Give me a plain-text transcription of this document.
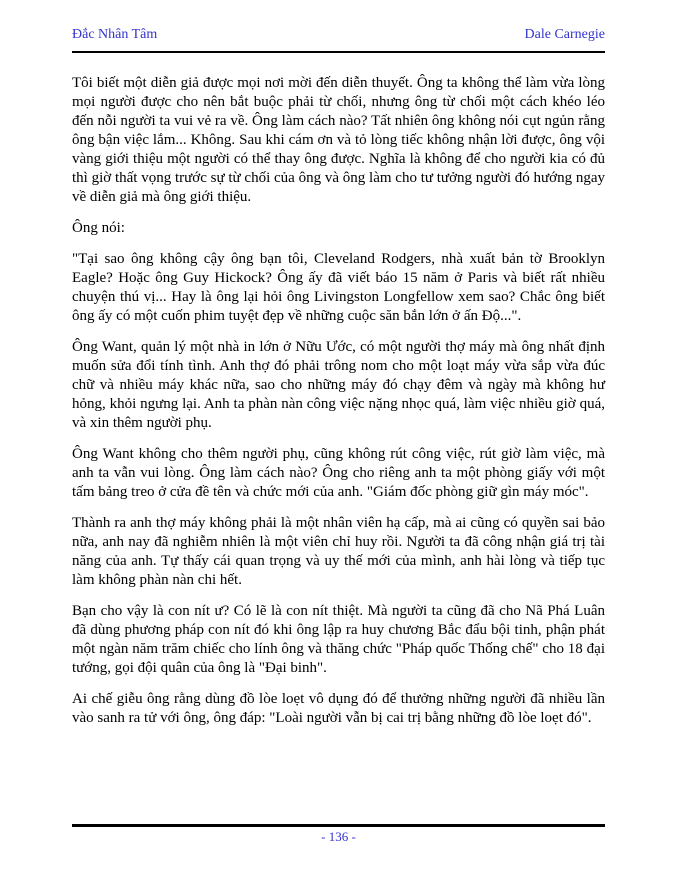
Đắc Nhân Tâm	Dale Carnegie

Tôi biết một diễn giả được mọi nơi mời đến diễn thuyết. Ông ta không thể làm vừa lòng mọi người được cho nên bắt buộc phải từ chối, nhưng ông từ chối một cách khéo léo đến nỗi người ta vui vẻ ra về. Ông làm cách nào? Tất nhiên ông không nói cụt ngủn rằng ông bận việc lắm... Không. Sau khi cám ơn và tỏ lòng tiếc không nhận lời được, ông vội vàng giới thiệu một người có thể thay ông được. Nghĩa là không để cho người kia có đủ thì giờ thất vọng trước sự từ chối của ông và ông làm cho tư tưởng người đó hướng ngay về diễn giả mà ông giới thiệu.

Ông nói:

"Tại sao ông không cậy ông bạn tôi, Cleveland Rodgers, nhà xuất bản tờ Brooklyn Eagle? Hoặc ông Guy Hickock? Ông ấy đã viết báo 15 năm ở Paris và biết rất nhiều chuyện thú vị... Hay là ông lại hỏi ông Livingston Longfellow xem sao? Chắc ông biết ông ấy có một cuốn phim tuyệt đẹp về những cuộc săn bắn lớn ở ấn Độ...".

Ông Want, quản lý một nhà in lớn ở Nữu Ước, có một người thợ máy mà ông nhất định muốn sửa đổi tính tình. Anh thợ đó phải trông nom cho một loạt máy vừa sắp vừa đúc chữ và nhiều máy khác nữa, sao cho những máy đó chạy đêm và ngày mà không hư hỏng, khỏi ngưng lại. Anh ta phàn nàn công việc nặng nhọc quá, làm việc nhiều giờ quá, và xin thêm người phụ.

Ông Want không cho thêm người phụ, cũng không rút công việc, rút giờ làm việc, mà anh ta vẫn vui lòng. Ông làm cách nào? Ông cho riêng anh ta một phòng giấy với một tấm bảng treo ở cửa đề tên và chức mới của anh. "Giám đốc phòng giữ gìn máy móc".

Thành ra anh thợ máy không phải là một nhân viên hạ cấp, mà ai cũng có quyền sai bảo nữa, anh nay đã nghiễm nhiên là một viên chỉ huy rồi. Người ta đã công nhận giá trị tài năng của anh. Tự thấy cái quan trọng và uy thế mới của mình, anh hài lòng và tiếp tục làm không phàn nàn chi hết.

Bạn cho vậy là con nít ư? Có lẽ là con nít thiệt. Mà người ta cũng đã cho Nã Phá Luân đã dùng phương pháp con nít đó khi ông lập ra huy chương Bắc đẩu bội tinh, phận phát một ngàn năm trăm chiếc cho lính ông và thăng chức "Pháp quốc Thống chế" cho 18 đại tướng, gọi đội quân của ông là "Đại binh".

Ai chế giễu ông rằng dùng đồ lòe loẹt vô dụng đó để thưởng những người đã nhiều lần vào sanh ra tử với ông, ông đáp: "Loài người vẫn bị cai trị bằng những đồ lòe loẹt đó".

- 136 -
